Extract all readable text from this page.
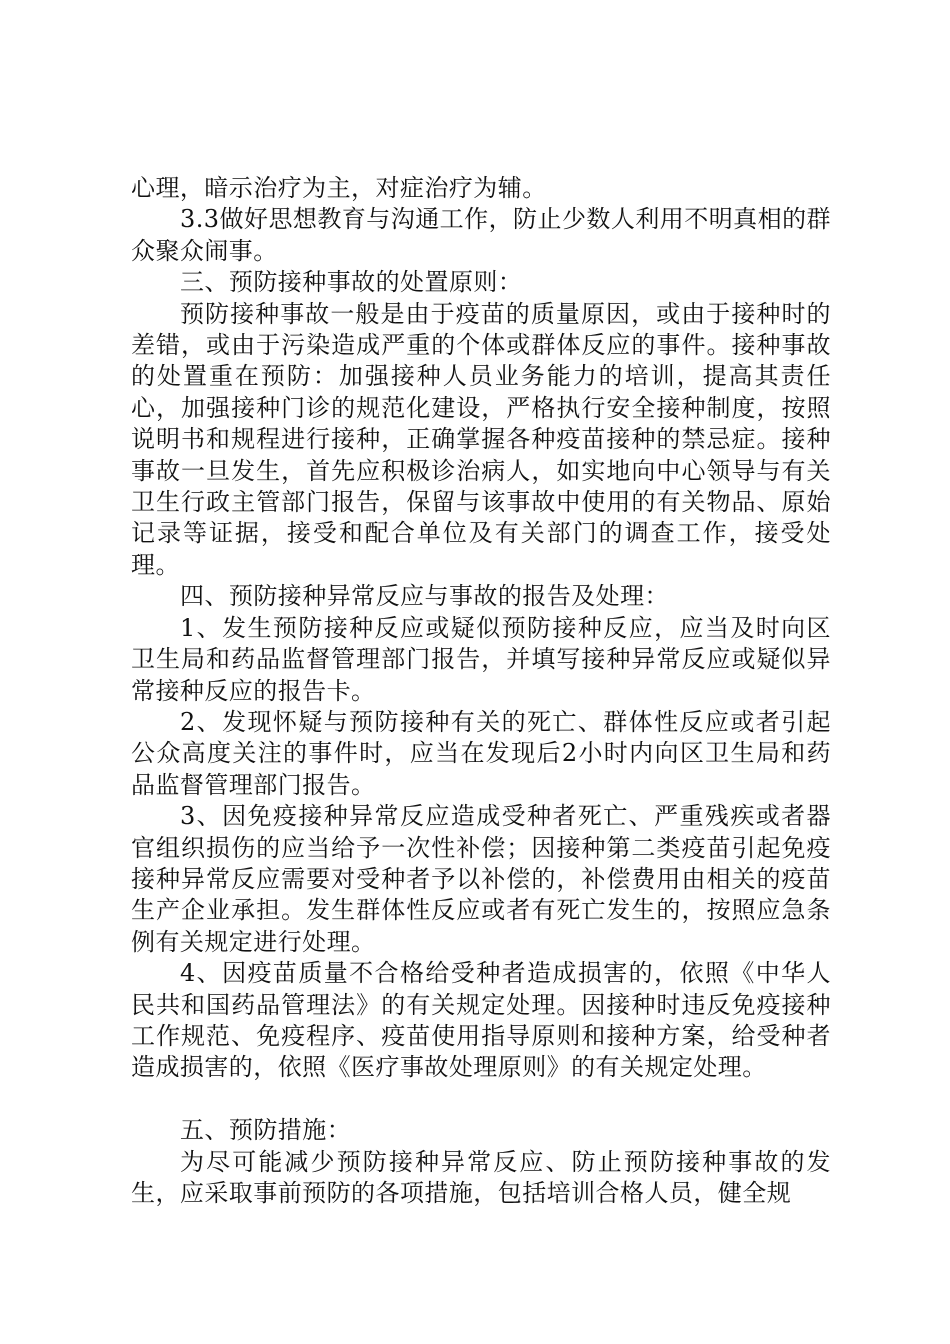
心理，暗示治疗为主，对症治疗为辅。

3.3做好思想教育与沟通工作，防止少数人利用不明真相的群众聚众闹事。

三、预防接种事故的处置原则：

预防接种事故一般是由于疫苗的质量原因，或由于接种时的差错，或由于污染造成严重的个体或群体反应的事件。接种事故的处置重在预防：加强接种人员业务能力的培训，提高其责任心，加强接种门诊的规范化建设，严格执行安全接种制度，按照说明书和规程进行接种，正确掌握各种疫苗接种的禁忌症。接种事故一旦发生，首先应积极诊治病人，如实地向中心领导与有关卫生行政主管部门报告，保留与该事故中使用的有关物品、原始记录等证据，接受和配合单位及有关部门的调查工作，接受处理。

四、预防接种异常反应与事故的报告及处理：

1、发生预防接种反应或疑似预防接种反应，应当及时向区卫生局和药品监督管理部门报告，并填写接种异常反应或疑似异常接种反应的报告卡。

2、发现怀疑与预防接种有关的死亡、群体性反应或者引起公众高度关注的事件时，应当在发现后2小时内向区卫生局和药品监督管理部门报告。

3、因免疫接种异常反应造成受种者死亡、严重残疾或者器官组织损伤的应当给予一次性补偿；因接种第二类疫苗引起免疫接种异常反应需要对受种者予以补偿的，补偿费用由相关的疫苗生产企业承担。发生群体性反应或者有死亡发生的，按照应急条例有关规定进行处理。

4、因疫苗质量不合格给受种者造成损害的，依照《中华人民共和国药品管理法》的有关规定处理。因接种时违反免疫接种工作规范、免疫程序、疫苗使用指导原则和接种方案，给受种者造成损害的，依照《医疗事故处理原则》的有关规定处理。

五、预防措施：

为尽可能减少预防接种异常反应、防止预防接种事故的发生，应采取事前预防的各项措施，包括培训合格人员，健全规
